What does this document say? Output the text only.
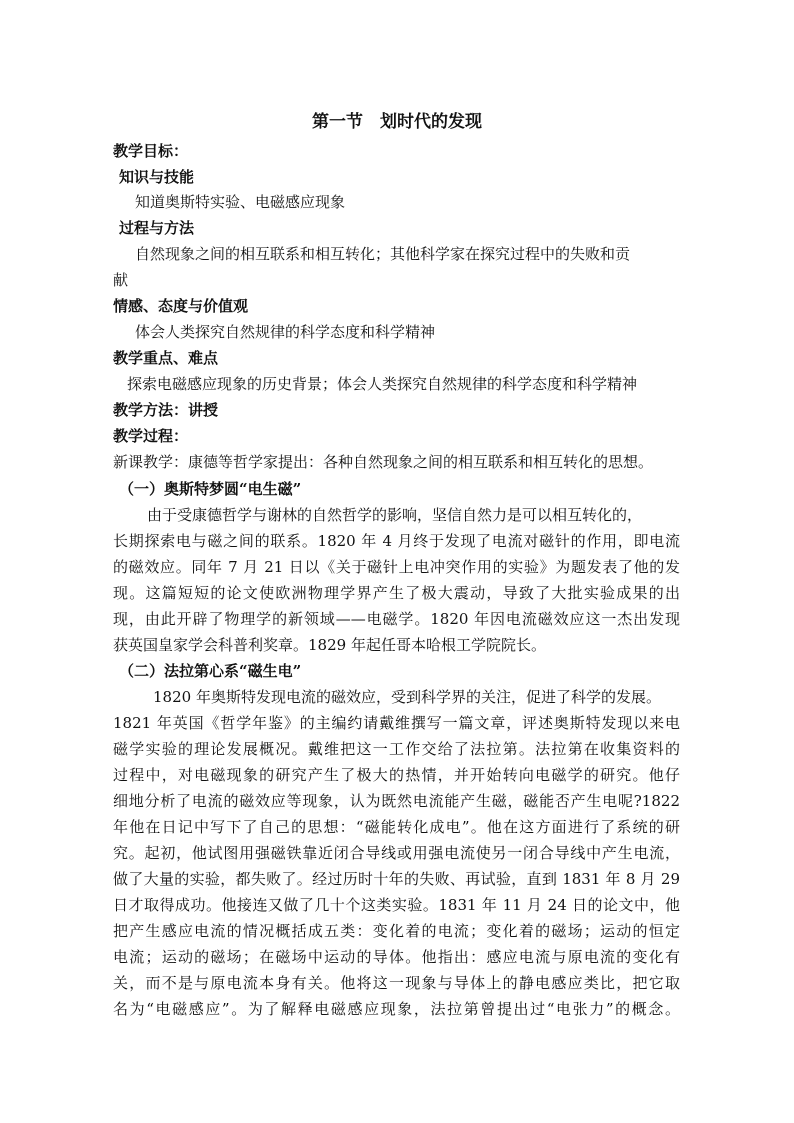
第一节　划时代的发现
教学目标：
知识与技能
知道奥斯特实验、电磁感应现象
过程与方法
自然现象之间的相互联系和相互转化；其他科学家在探究过程中的失败和贡
献
情感、态度与价值观
体会人类探究自然规律的科学态度和科学精神
教学重点、难点
探索电磁感应现象的历史背景；体会人类探究自然规律的科学态度和科学精神
教学方法：讲授
教学过程：
新课教学：康德等哲学家提出：各种自然现象之间的相互联系和相互转化的思想。
（一）奥斯特梦圆“电生磁”
由于受康德哲学与谢林的自然哲学的影响，坚信自然力是可以相互转化的，
长期探索电与磁之间的联系。1820 年 4 月终于发现了电流对磁针的作用，即电流
的磁效应。同年 7 月 21 日以《关于磁针上电冲突作用的实验》为题发表了他的发
现。这篇短短的论文使欧洲物理学界产生了极大震动，导致了大批实验成果的出
现，由此开辟了物理学的新领域——电磁学。1820 年因电流磁效应这一杰出发现
获英国皇家学会科普利奖章。1829 年起任哥本哈根工学院院长。
（二）法拉第心系“磁生电”
1820 年奥斯特发现电流的磁效应，受到科学界的关注，促进了科学的发展。
1821 年英国《哲学年鉴》的主编约请戴维撰写一篇文章，评述奥斯特发现以来电
磁学实验的理论发展概况。戴维把这一工作交给了法拉第。法拉第在收集资料的
过程中，对电磁现象的研究产生了极大的热情，并开始转向电磁学的研究。他仔
细地分析了电流的磁效应等现象，认为既然电流能产生磁，磁能否产生电呢?1822
年他在日记中写下了自己的思想：“磁能转化成电”。他在这方面进行了系统的研
究。起初，他试图用强磁铁靠近闭合导线或用强电流使另一闭合导线中产生电流，
做了大量的实验，都失败了。经过历时十年的失败、再试验，直到 1831 年 8 月 29
日才取得成功。他接连又做了几十个这类实验。1831 年 11 月 24 日的论文中，他
把产生感应电流的情况概括成五类：变化着的电流；变化着的磁场；运动的恒定
电流；运动的磁场；在磁场中运动的导体。他指出：感应电流与原电流的变化有
关，而不是与原电流本身有关。他将这一现象与导体上的静电感应类比，把它取
名为“电磁感应”。为了解释电磁感应现象，法拉第曾提出过“电张力”的概念。
